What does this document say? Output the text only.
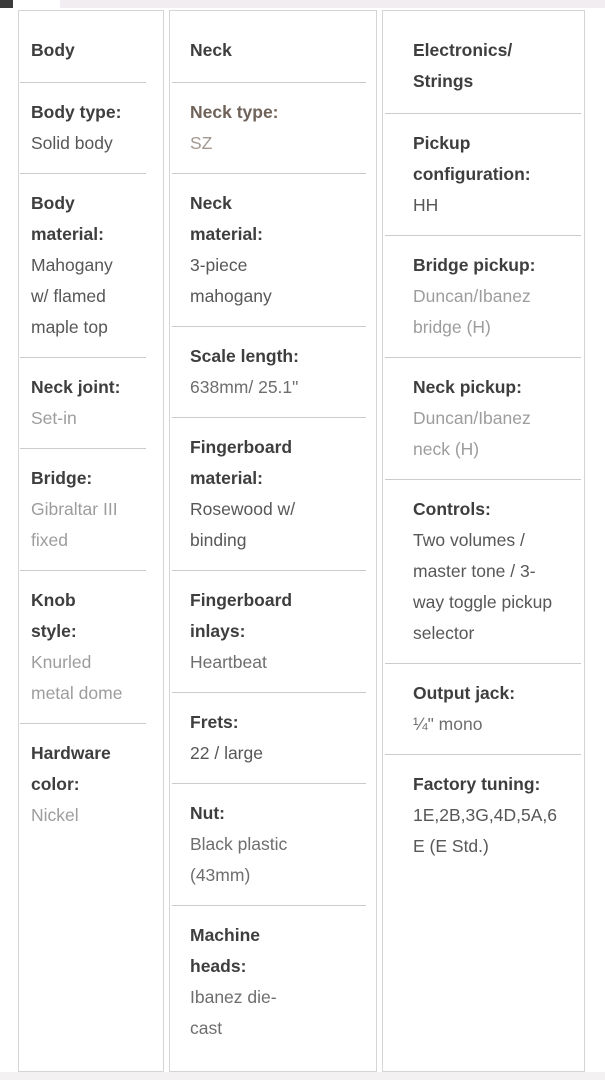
Body
Body type:
Solid body
Body material:
Mahogany w/ flamed maple top
Neck joint:
Set-in
Bridge:
Gibraltar III fixed
Knob style:
Knurled metal dome
Hardware color:
Nickel
Neck
Neck type:
SZ
Neck material:
3-piece mahogany
Scale length:
638mm/ 25.1"
Fingerboard material:
Rosewood w/ binding
Fingerboard inlays:
Heartbeat
Frets:
22 / large
Nut:
Black plastic (43mm)
Machine heads:
Ibanez die-cast
Electronics/Strings
Pickup configuration:
HH
Bridge pickup:
Duncan/Ibanez bridge (H)
Neck pickup:
Duncan/Ibanez neck (H)
Controls:
Two volumes / master tone / 3-way toggle pickup selector
Output jack:
¼" mono
Factory tuning:
1E,2B,3G,4D,5A,6E (E Std.)
